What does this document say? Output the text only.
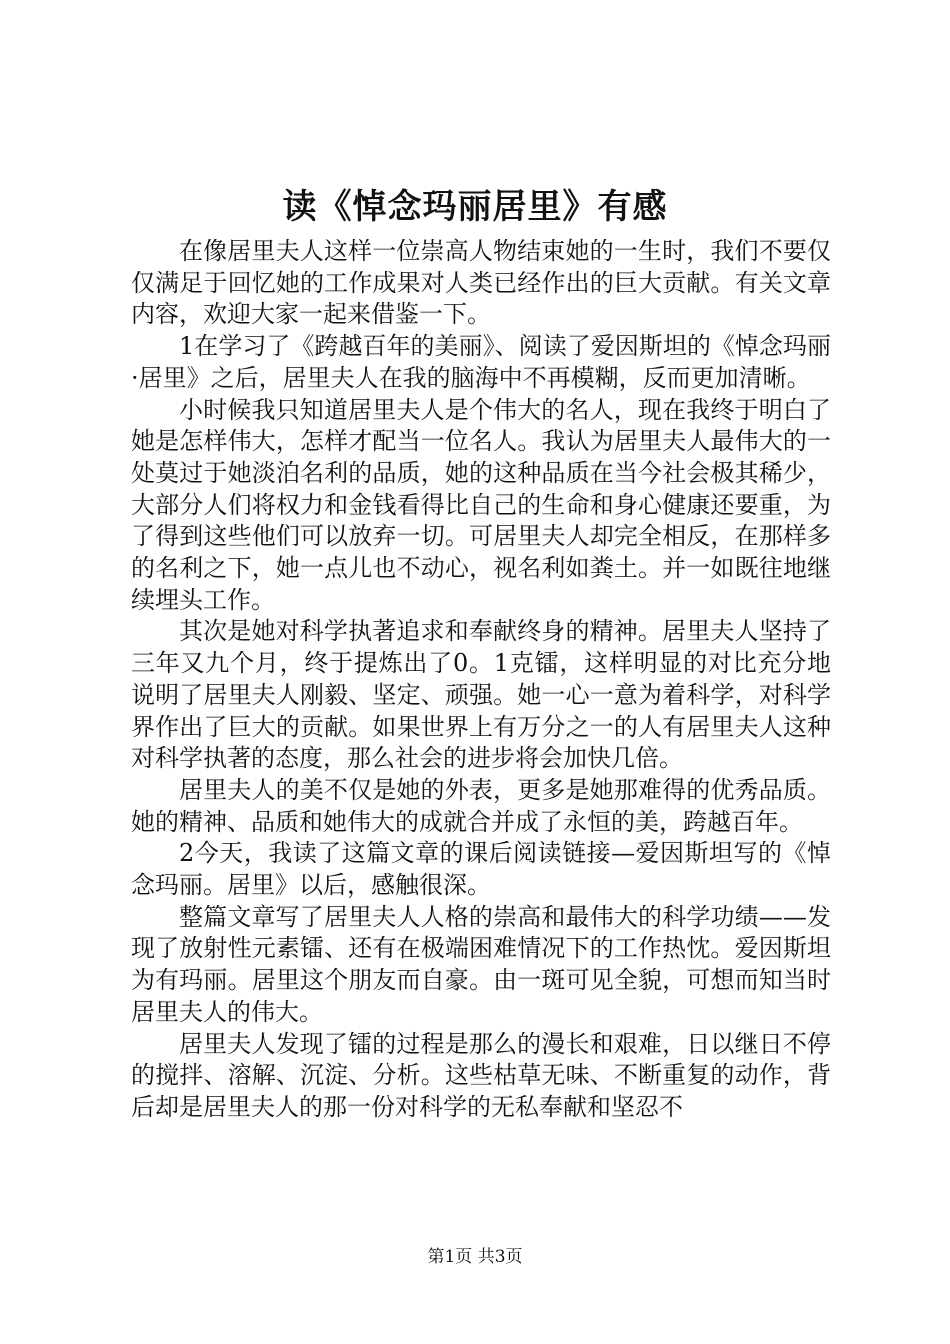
读《悼念玛丽居里》有感

在像居里夫人这样一位崇高人物结束她的一生时，我们不要仅仅满足于回忆她的工作成果对人类已经作出的巨大贡献。有关文章内容，欢迎大家一起来借鉴一下。

1在学习了《跨越百年的美丽》、阅读了爱因斯坦的《悼念玛丽·居里》之后，居里夫人在我的脑海中不再模糊，反而更加清晰。

小时候我只知道居里夫人是个伟大的名人，现在我终于明白了她是怎样伟大，怎样才配当一位名人。我认为居里夫人最伟大的一处莫过于她淡泊名利的品质，她的这种品质在当今社会极其稀少，大部分人们将权力和金钱看得比自己的生命和身心健康还要重，为了得到这些他们可以放弃一切。可居里夫人却完全相反，在那样多的名利之下，她一点儿也不动心，视名利如粪土。并一如既往地继续埋头工作。

其次是她对科学执著追求和奉献终身的精神。居里夫人坚持了三年又九个月，终于提炼出了0。1克镭，这样明显的对比充分地说明了居里夫人刚毅、坚定、顽强。她一心一意为着科学，对科学界作出了巨大的贡献。如果世界上有万分之一的人有居里夫人这种对科学执著的态度，那么社会的进步将会加快几倍。

居里夫人的美不仅是她的外表，更多是她那难得的优秀品质。她的精神、品质和她伟大的成就合并成了永恒的美，跨越百年。

2今天，我读了这篇文章的课后阅读链接—爱因斯坦写的《悼念玛丽。居里》以后，感触很深。

整篇文章写了居里夫人人格的崇高和最伟大的科学功绩——发现了放射性元素镭、还有在极端困难情况下的工作热忱。爱因斯坦为有玛丽。居里这个朋友而自豪。由一斑可见全貌，可想而知当时居里夫人的伟大。

居里夫人发现了镭的过程是那么的漫长和艰难，日以继日不停的搅拌、溶解、沉淀、分析。这些枯草无味、不断重复的动作，背后却是居里夫人的那一份对科学的无私奉献和坚忍不

第1页 共3页
